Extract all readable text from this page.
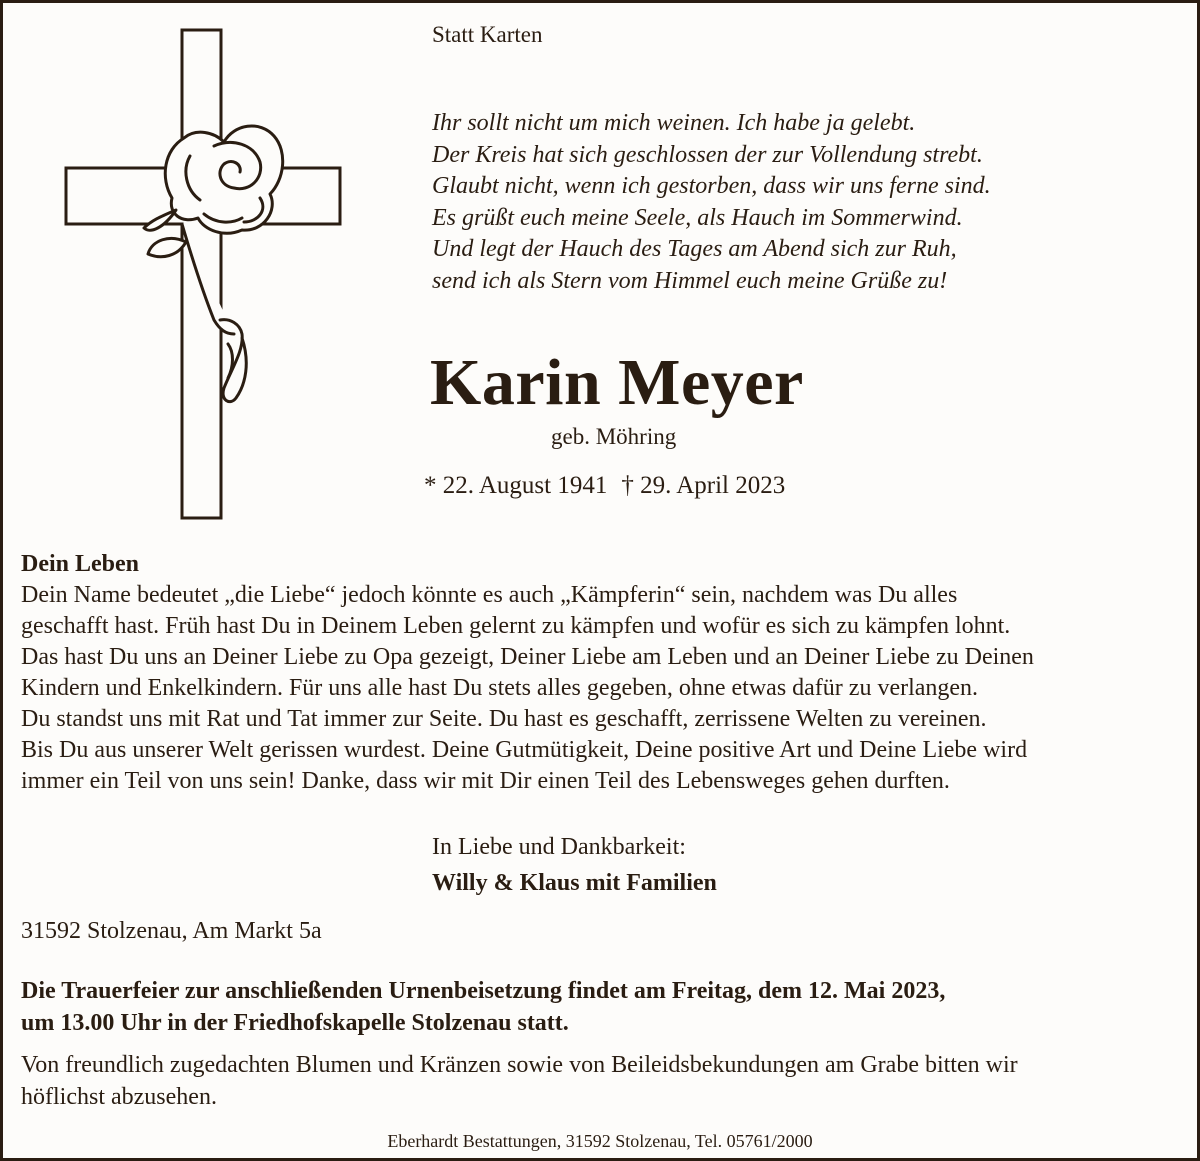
Statt Karten
Ihr sollt nicht um mich weinen. Ich habe ja gelebt.
Der Kreis hat sich geschlossen der zur Vollendung strebt.
Glaubt nicht, wenn ich gestorben, dass wir uns ferne sind.
Es grüßt euch meine Seele, als Hauch im Sommerwind.
Und legt der Hauch des Tages am Abend sich zur Ruh,
send ich als Stern vom Himmel euch meine Grüße zu!
Karin Meyer
geb. Möhring
* 22. August 1941 † 29. April 2023
Dein Leben
Dein Name bedeutet „die Liebe“ jedoch könnte es auch „Kämpferin“ sein, nachdem was Du alles
geschafft hast. Früh hast Du in Deinem Leben gelernt zu kämpfen und wofür es sich zu kämpfen lohnt.
Das hast Du uns an Deiner Liebe zu Opa gezeigt, Deiner Liebe am Leben und an Deiner Liebe zu Deinen
Kindern und Enkelkindern. Für uns alle hast Du stets alles gegeben, ohne etwas dafür zu verlangen.
Du standst uns mit Rat und Tat immer zur Seite. Du hast es geschafft, zerrissene Welten zu vereinen.
Bis Du aus unserer Welt gerissen wurdest. Deine Gutmütigkeit, Deine positive Art und Deine Liebe wird
immer ein Teil von uns sein! Danke, dass wir mit Dir einen Teil des Lebensweges gehen durften.
In Liebe und Dankbarkeit:
Willy & Klaus mit Familien
31592 Stolzenau, Am Markt 5a
Die Trauerfeier zur anschließenden Urnenbeisetzung findet am Freitag, dem 12. Mai 2023,
um 13.00 Uhr in der Friedhofskapelle Stolzenau statt.
Von freundlich zugedachten Blumen und Kränzen sowie von Beileidsbekundungen am Grabe bitten wir
höflichst abzusehen.
Eberhardt Bestattungen, 31592 Stolzenau, Tel. 05761/2000
